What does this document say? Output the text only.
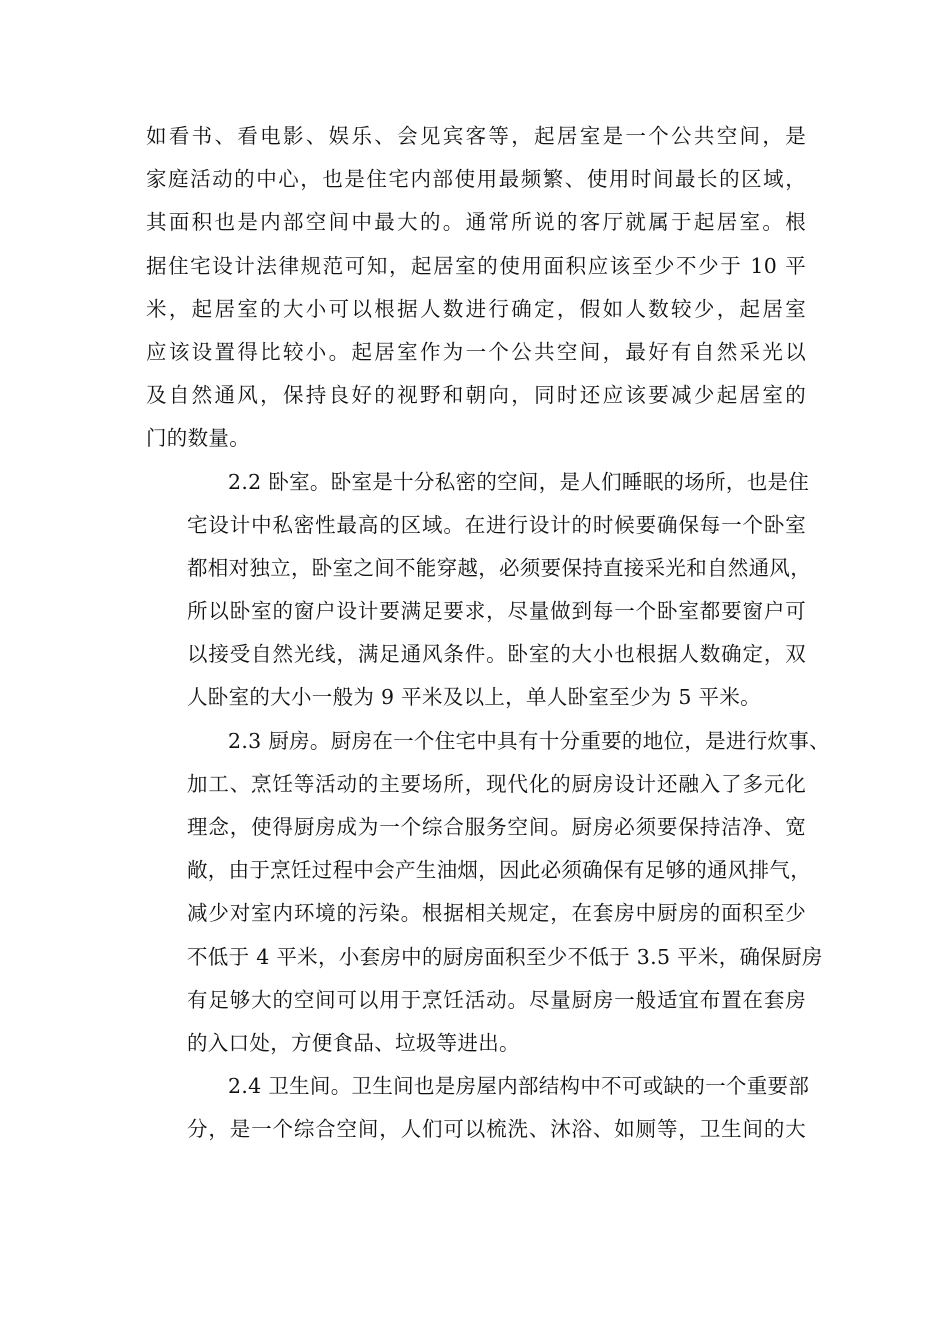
如看书、看电影、娱乐、会见宾客等，起居室是一个公共空间，是
家庭活动的中心，也是住宅内部使用最频繁、使用时间最长的区域，
其面积也是内部空间中最大的。通常所说的客厅就属于起居室。根
据住宅设计法律规范可知，起居室的使用面积应该至少不少于 10 平
米，起居室的大小可以根据人数进行确定，假如人数较少，起居室
应该设置得比较小。起居室作为一个公共空间，最好有自然采光以
及自然通风，保持良好的视野和朝向，同时还应该要减少起居室的
门的数量。
2.2 卧室。卧室是十分私密的空间，是人们睡眠的场所，也是住
宅设计中私密性最高的区域。在进行设计的时候要确保每一个卧室
都相对独立，卧室之间不能穿越，必须要保持直接采光和自然通风，
所以卧室的窗户设计要满足要求，尽量做到每一个卧室都要窗户可
以接受自然光线，满足通风条件。卧室的大小也根据人数确定，双
人卧室的大小一般为 9 平米及以上，单人卧室至少为 5 平米。
2.3 厨房。厨房在一个住宅中具有十分重要的地位，是进行炊事、
加工、烹饪等活动的主要场所，现代化的厨房设计还融入了多元化
理念，使得厨房成为一个综合服务空间。厨房必须要保持洁净、宽
敞，由于烹饪过程中会产生油烟，因此必须确保有足够的通风排气，
减少对室内环境的污染。根据相关规定，在套房中厨房的面积至少
不低于 4 平米，小套房中的厨房面积至少不低于 3.5 平米，确保厨房
有足够大的空间可以用于烹饪活动。尽量厨房一般适宜布置在套房
的入口处，方便食品、垃圾等进出。
2.4 卫生间。卫生间也是房屋内部结构中不可或缺的一个重要部
分，是一个综合空间，人们可以梳洗、沐浴、如厕等，卫生间的大
